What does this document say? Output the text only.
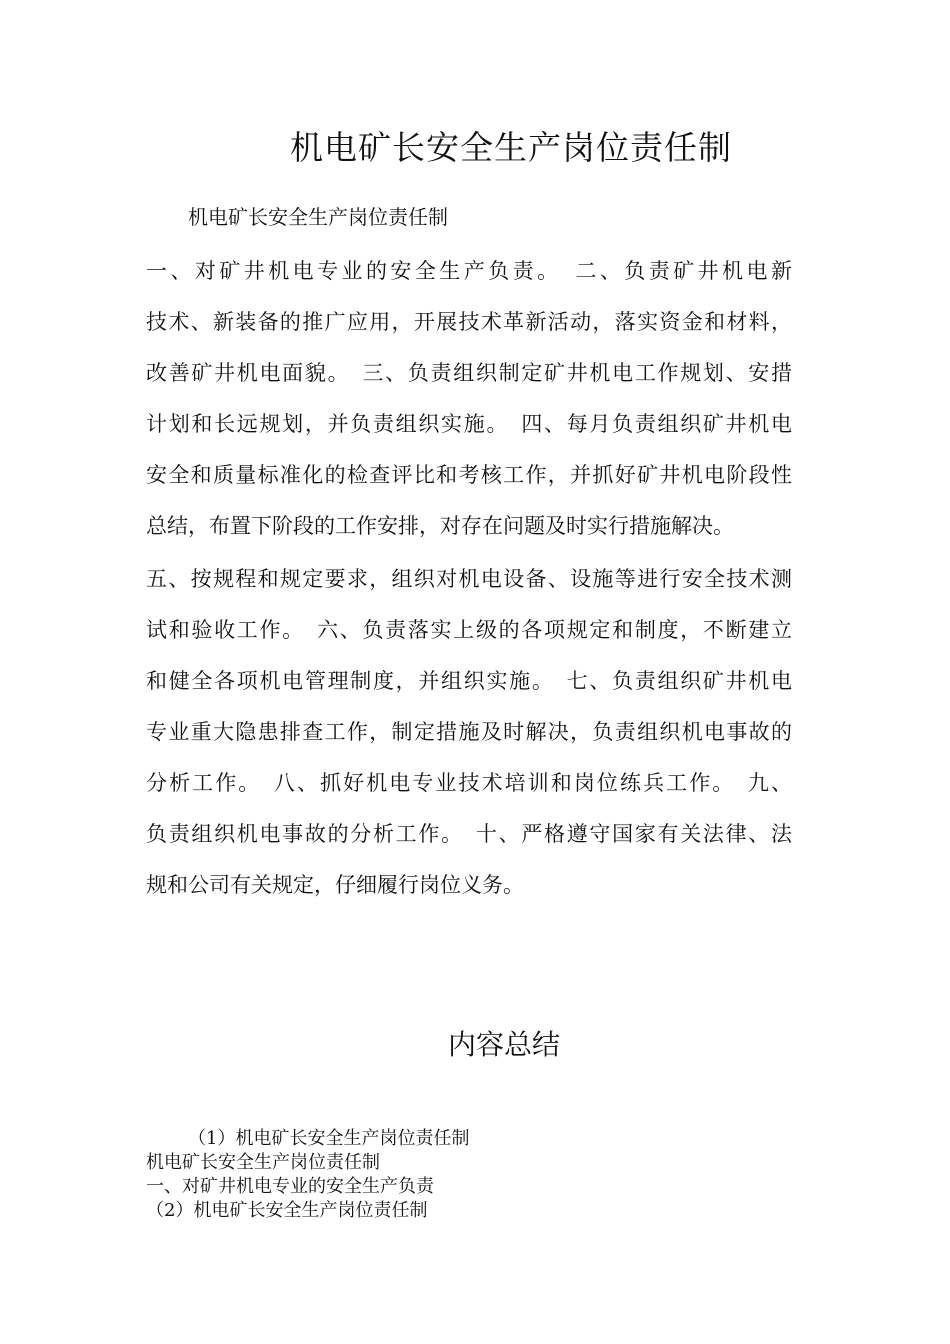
机电矿长安全生产岗位责任制
机电矿长安全生产岗位责任制
一、对矿井机电专业的安全生产负责。　二、负责矿井机电新
技术、新装备的推广应用，开展技术革新活动，落实资金和材料，
改善矿井机电面貌。　三、负责组织制定矿井机电工作规划、安措
计划和长远规划，并负责组织实施。　四、每月负责组织矿井机电
安全和质量标准化的检查评比和考核工作，并抓好矿井机电阶段性
总结，布置下阶段的工作安排，对存在问题及时实行措施解决。
五、按规程和规定要求，组织对机电设备、设施等进行安全技术测
试和验收工作。　六、负责落实上级的各项规定和制度，不断建立
和健全各项机电管理制度，并组织实施。　七、负责组织矿井机电
专业重大隐患排查工作，制定措施及时解决，负责组织机电事故的
分析工作。　八、抓好机电专业技术培训和岗位练兵工作。　九、
负责组织机电事故的分析工作。　十、严格遵守国家有关法律、法
规和公司有关规定，仔细履行岗位义务。
内容总结
（1）机电矿长安全生产岗位责任制
机电矿长安全生产岗位责任制
一、对矿井机电专业的安全生产负责
（2）机电矿长安全生产岗位责任制
